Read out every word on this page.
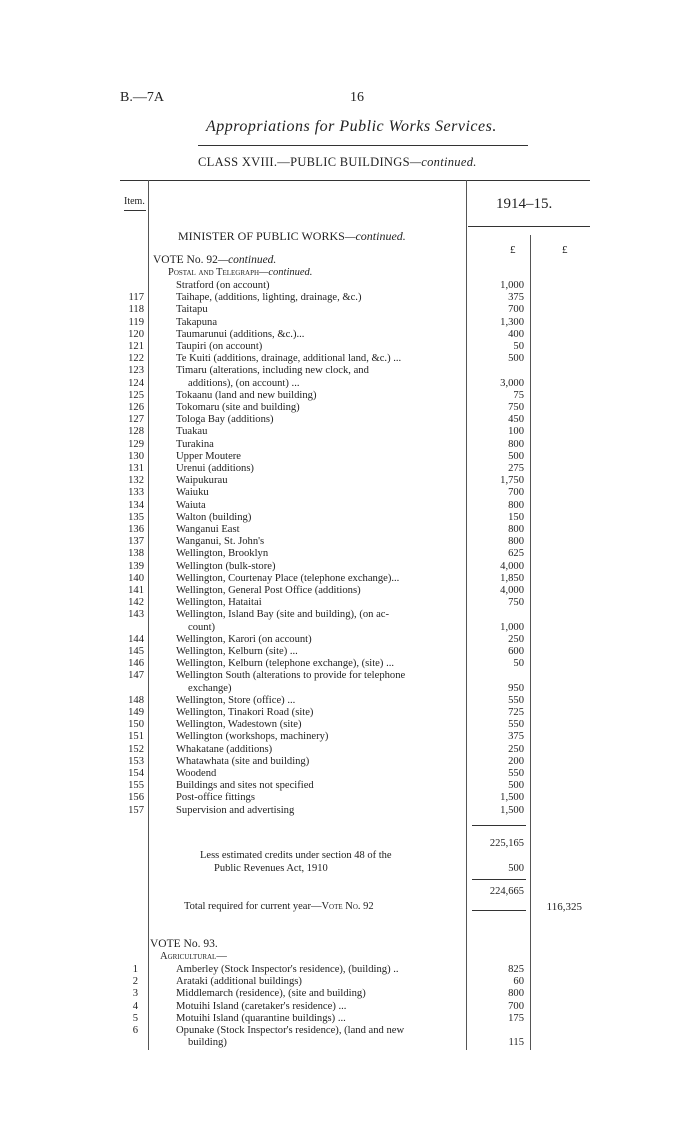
B.—7A	16
Appropriations for Public Works Services.
CLASS XVIII.—PUBLIC BUILDINGS—continued.
Item.	1914–15.
£	£
MINISTER OF PUBLIC WORKS—continued.
VOTE No. 92—continued.
Postal and Telegraph—continued.
Stratford (on account)	1,000
117	Taihape, (additions, lighting, drainage, &c.)	375
118	Taitapu	700
119	Takapuna	1,300
120	Taumarunui (additions, &c.)...	400
121	Taupiri (on account)	50
122	Te Kuiti (additions, drainage, additional land, &c.) ...	500
123	Timaru (alterations, including new clock, and
124	additions), (on account) ...	3,000
125	Tokaanu (land and new building)	75
126	Tokomaru (site and building)	750
127	Tologa Bay (additions)	450
128	Tuakau	100
129	Turakina	800
130	Upper Moutere	500
131	Urenui (additions)	275
132	Waipukurau	1,750
133	Waiuku	700
134	Waiuta	800
135	Walton (building)	150
136	Wanganui East	800
137	Wanganui, St. John's	800
138	Wellington, Brooklyn	625
139	Wellington (bulk-store)	4,000
140	Wellington, Courtenay Place (telephone exchange)...	1,850
141	Wellington, General Post Office (additions)	4,000
142	Wellington, Hataitai	750
143	Wellington, Island Bay (site and building), (on ac-
count)	1,000
144	Wellington, Karori (on account)	250
145	Wellington, Kelburn (site) ...	600
146	Wellington, Kelburn (telephone exchange), (site) ...	50
147	Wellington South (alterations to provide for telephone
exchange)	950
148	Wellington, Store (office) ...	550
149	Wellington, Tinakori Road (site)	725
150	Wellington, Wadestown (site)	550
151	Wellington (workshops, machinery)	375
152	Whakatane (additions)	250
153	Whatawhata (site and building)	200
154	Woodend	550
155	Buildings and sites not specified	500
156	Post-office fittings	1,500
157	Supervision and advertising	1,500
225,165
Less estimated credits under section 48 of the
Public Revenues Act, 1910	500
224,665
Total required for current year—Vote No. 92	116,325
VOTE No. 93.
Agricultural—
1	Amberley (Stock Inspector's residence), (building) ..	825
2	Arataki (additional buildings)	60
3	Middlemarch (residence), (site and building)	800
4	Motuihi Island (caretaker's residence) ...	700
5	Motuihi Island (quarantine buildings) ...	175
6	Opunake (Stock Inspector's residence), (land and new
building)	115
